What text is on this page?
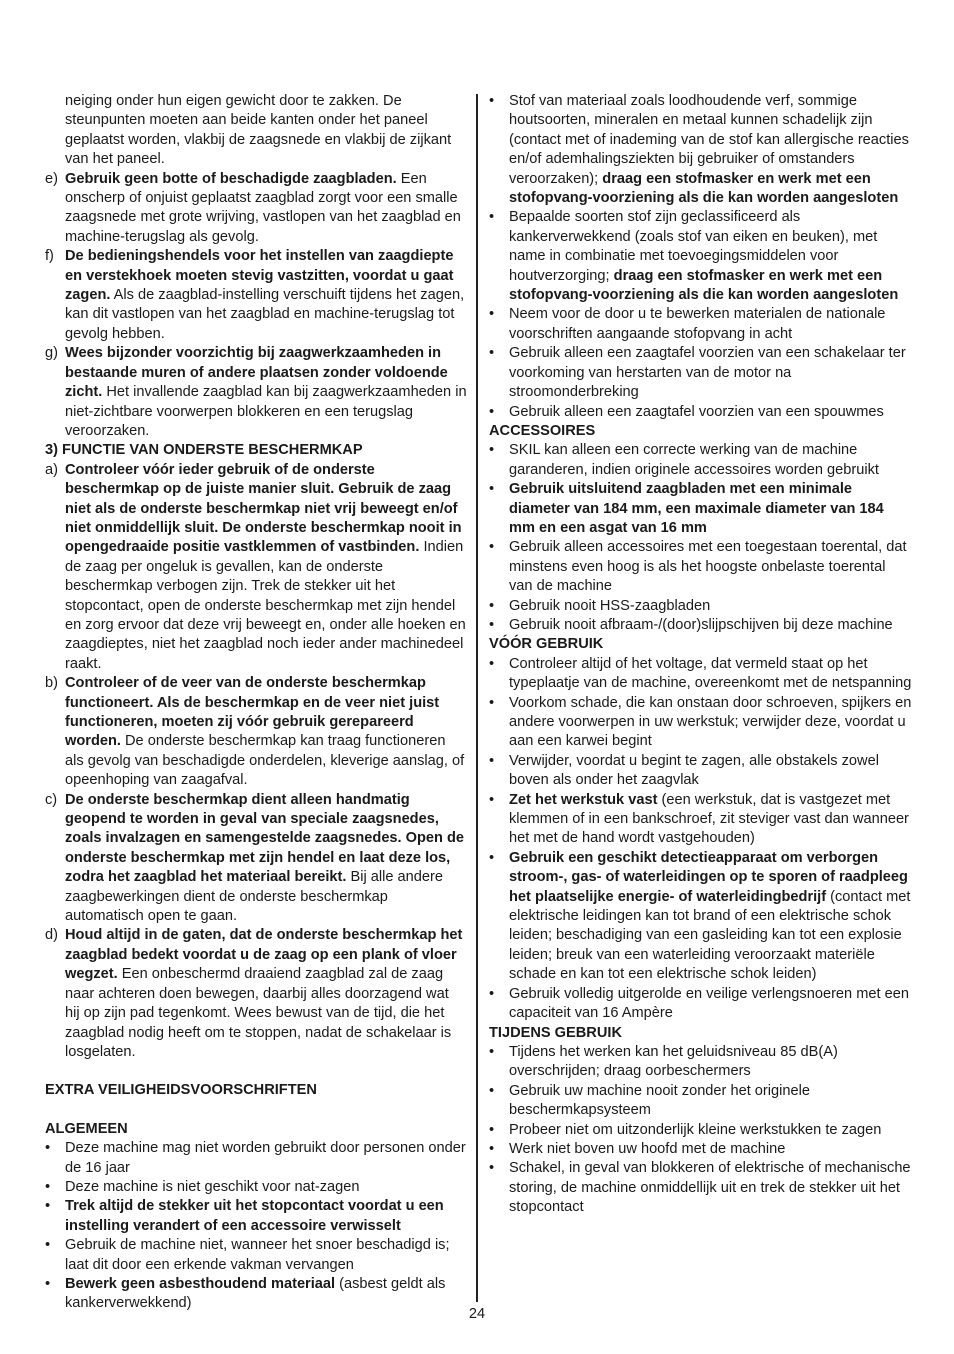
neiging onder hun eigen gewicht door te zakken. De steunpunten moeten aan beide kanten onder het paneel geplaatst worden, vlakbij de zaagsnede en vlakbij de zijkant van het paneel.
e) Gebruik geen botte of beschadigde zaagbladen. Een onscherp of onjuist geplaatst zaagblad zorgt voor een smalle zaagsnede met grote wrijving, vastlopen van het zaagblad en machine-terugslag als gevolg.
f) De bedieningshendels voor het instellen van zaagdiepte en verstekhoek moeten stevig vastzitten, voordat u gaat zagen. Als de zaagblad-instelling verschuift tijdens het zagen, kan dit vastlopen van het zaagblad en machine-terugslag tot gevolg hebben.
g) Wees bijzonder voorzichtig bij zaagwerkzaamheden in bestaande muren of andere plaatsen zonder voldoende zicht. Het invallende zaagblad kan bij zaagwerkzaamheden in niet-zichtbare voorwerpen blokkeren en een terugslag veroorzaken.
3) FUNCTIE VAN ONDERSTE BESCHERMKAP
a) Controleer vóór ieder gebruik of de onderste beschermkap op de juiste manier sluit. Gebruik de zaag niet als de onderste beschermkap niet vrij beweegt en/of niet onmiddellijk sluit. De onderste beschermkap nooit in opengedraaide positie vastklemmen of vastbinden. Indien de zaag per ongeluk is gevallen, kan de onderste beschermkap verbogen zijn. Trek de stekker uit het stopcontact, open de onderste beschermkap met zijn hendel en zorg ervoor dat deze vrij beweegt en, onder alle hoeken en zaagdieptes, niet het zaagblad noch ieder ander machinedeel raakt.
b) Controleer of de veer van de onderste beschermkap functioneert. Als de beschermkap en de veer niet juist functioneren, moeten zij vóór gebruik gerepareerd worden. De onderste beschermkap kan traag functioneren als gevolg van beschadigde onderdelen, kleverige aanslag, of opeenhoping van zaagafval.
c) De onderste beschermkap dient alleen handmatig geopend te worden in geval van speciale zaagsnedes, zoals invalzagen en samengestelde zaagsnedes. Open de onderste beschermkap met zijn hendel en laat deze los, zodra het zaagblad het materiaal bereikt. Bij alle andere zaagbewerkingen dient de onderste beschermkap automatisch open te gaan.
d) Houd altijd in de gaten, dat de onderste beschermkap het zaagblad bedekt voordat u de zaag op een plank of vloer wegzet. Een onbeschermd draaiend zaagblad zal de zaag naar achteren doen bewegen, daarbij alles doorzagend wat hij op zijn pad tegenkomt. Wees bewust van de tijd, die het zaagblad nodig heeft om te stoppen, nadat de schakelaar is losgelaten.
EXTRA VEILIGHEIDSVOORSCHRIFTEN
ALGEMEEN
• Deze machine mag niet worden gebruikt door personen onder de 16 jaar
• Deze machine is niet geschikt voor nat-zagen
• Trek altijd de stekker uit het stopcontact voordat u een instelling verandert of een accessoire verwisselt
• Gebruik de machine niet, wanneer het snoer beschadigd is; laat dit door een erkende vakman vervangen
• Bewerk geen asbesthoudend materiaal (asbest geldt als kankerverwekkend)
• Stof van materiaal zoals loodhoudende verf, sommige houtsoorten, mineralen en metaal kunnen schadelijk zijn (contact met of inademing van de stof kan allergische reacties en/of ademhalingsziekten bij gebruiker of omstanders veroorzaken); draag een stofmasker en werk met een stofopvang-voorziening als die kan worden aangesloten
• Bepaalde soorten stof zijn geclassificeerd als kankerverwekkend (zoals stof van eiken en beuken), met name in combinatie met toevoegingsmiddelen voor houtverzorging; draag een stofmasker en werk met een stofopvang-voorziening als die kan worden aangesloten
• Neem voor de door u te bewerken materialen de nationale voorschriften aangaande stofopvang in acht
• Gebruik alleen een zaagtafel voorzien van een schakelaar ter voorkoming van herstarten van de motor na stroomonderbreking
• Gebruik alleen een zaagtafel voorzien van een spouwmes
ACCESSOIRES
• SKIL kan alleen een correcte werking van de machine garanderen, indien originele accessoires worden gebruikt
• Gebruik uitsluitend zaagbladen met een minimale diameter van 184 mm, een maximale diameter van 184 mm en een asgat van 16 mm
• Gebruik alleen accessoires met een toegestaan toerental, dat minstens even hoog is als het hoogste onbelaste toerental van de machine
• Gebruik nooit HSS-zaagbladen
• Gebruik nooit afbraam-/(door)slijpschijven bij deze machine
VÓÓR GEBRUIK
• Controleer altijd of het voltage, dat vermeld staat op het typeplaatje van de machine, overeenkomt met de netspanning
• Voorkom schade, die kan onstaan door schroeven, spijkers en andere voorwerpen in uw werkstuk; verwijder deze, voordat u aan een karwei begint
• Verwijder, voordat u begint te zagen, alle obstakels zowel boven als onder het zaagvlak
• Zet het werkstuk vast (een werkstuk, dat is vastgezet met klemmen of in een bankschroef, zit steviger vast dan wanneer het met de hand wordt vastgehouden)
• Gebruik een geschikt detectieapparaat om verborgen stroom-, gas- of waterleidingen op te sporen of raadpleeg het plaatselijke energie- of waterleidingbedrijf (contact met elektrische leidingen kan tot brand of een elektrische schok leiden; beschadiging van een gasleiding kan tot een explosie leiden; breuk van een waterleiding veroorzaakt materiële schade en kan tot een elektrische schok leiden)
• Gebruik volledig uitgerolde en veilige verlengsnoeren met een capaciteit van 16 Ampère
TIJDENS GEBRUIK
• Tijdens het werken kan het geluidsniveau 85 dB(A) overschrijden; draag oorbeschermers
• Gebruik uw machine nooit zonder het originele beschermkapsysteem
• Probeer niet om uitzonderlijk kleine werkstukken te zagen
• Werk niet boven uw hoofd met de machine
• Schakel, in geval van blokkeren of elektrische of mechanische storing, de machine onmiddellijk uit en trek de stekker uit het stopcontact
24
